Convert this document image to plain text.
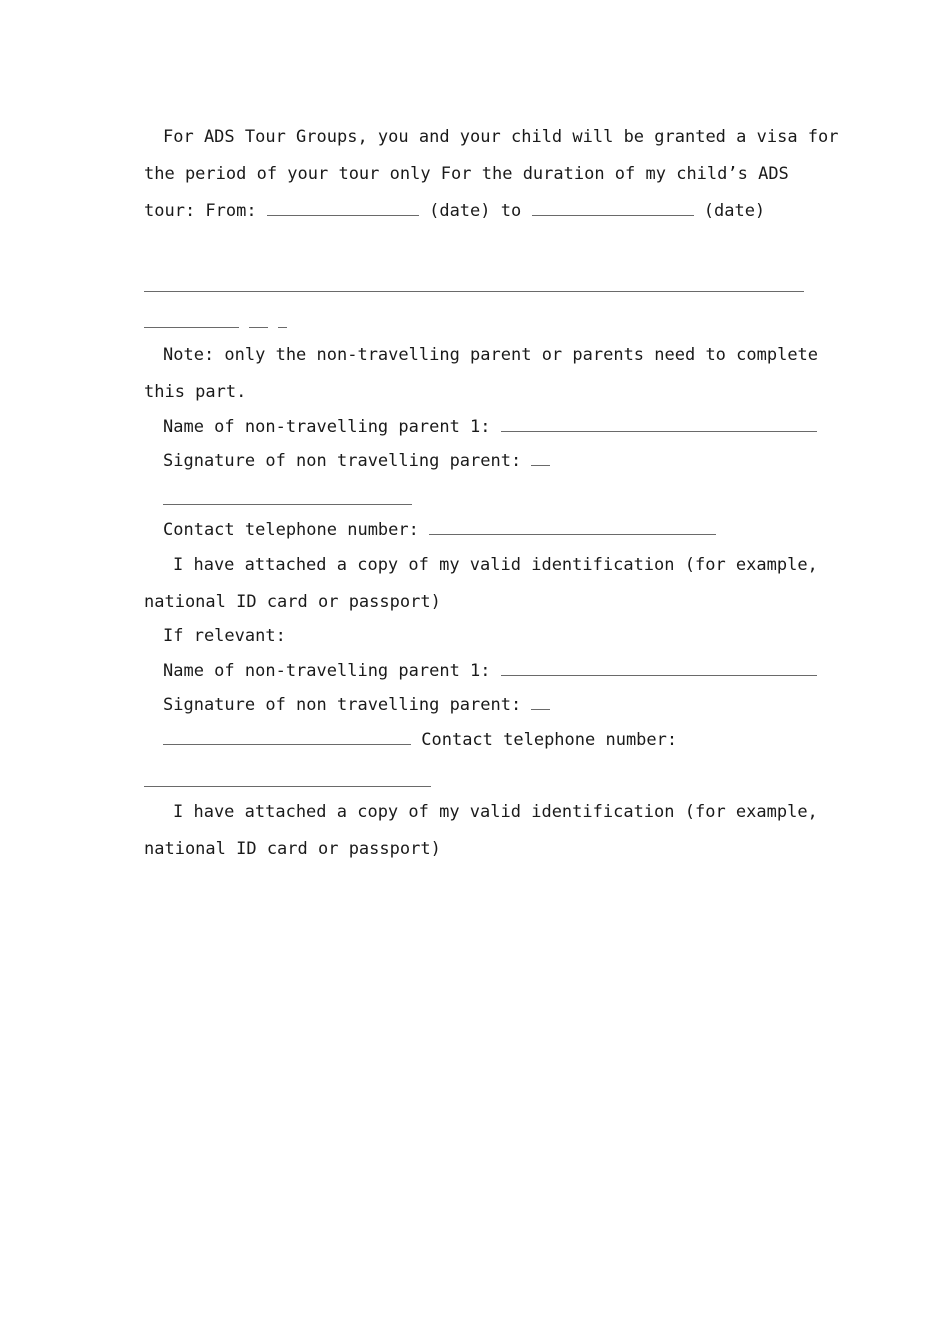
For ADS Tour Groups, you and your child will be granted a visa for
the period of your tour only For the duration of my child’s ADS
tour: From:	(date) to	(date)
Note: only the non-travelling parent or parents need to complete
this part.
Name of non-travelling parent 1:
Signature of non travelling parent:
Contact telephone number:
I have attached a copy of my valid identification (for example,
national ID card or passport)
If relevant:
Name of non-travelling parent 1:
Signature of non travelling parent:
Contact telephone number:
I have attached a copy of my valid identification (for example,
national ID card or passport)
